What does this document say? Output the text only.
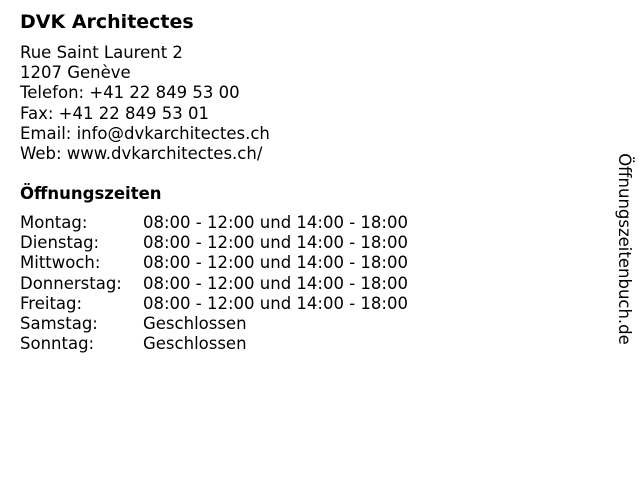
DVK Architectes
Rue Saint Laurent 2
1207 Genève
Telefon: +41 22 849 53 00
Fax: +41 22 849 53 01
Email: info@dvkarchitectes.ch
Web: www.dvkarchitectes.ch/
Öffnungszeiten
Montag:	08:00 - 12:00 und 14:00 - 18:00
Dienstag:	08:00 - 12:00 und 14:00 - 18:00
Mittwoch:	08:00 - 12:00 und 14:00 - 18:00
Donnerstag:	08:00 - 12:00 und 14:00 - 18:00
Freitag:	08:00 - 12:00 und 14:00 - 18:00
Samstag:	Geschlossen
Sonntag:	Geschlossen	Öffnungszeitenbuch.de
